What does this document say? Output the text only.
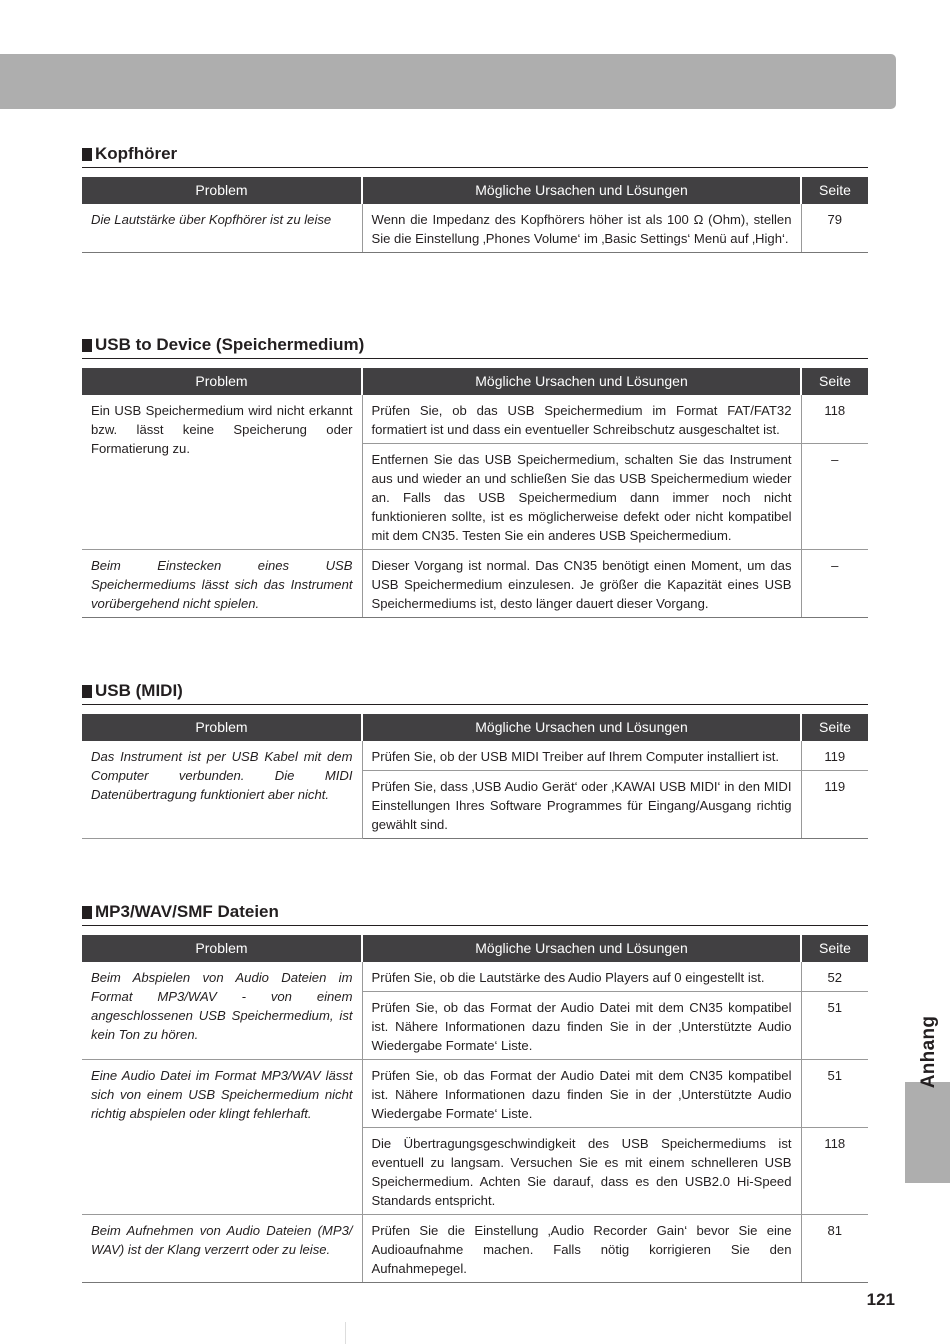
Anhang
Kopfhörer
Problem	Mögliche Ursachen und Lösungen	Seite
Die Lautstärke über Kopfhörer ist zu leise	Wenn die Impedanz des Kopfhörers höher ist als 100 Ω (Ohm), stellen Sie die Einstellung ‚Phones Volume‘ im ‚Basic Settings‘ Menü auf ‚High‘.	79
USB to Device (Speichermedium)
Problem	Mögliche Ursachen und Lösungen	Seite
Ein USB Speichermedium wird nicht erkannt bzw. lässt keine Speicherung oder Formatierung zu.	Prüfen Sie, ob das USB Speichermedium im Format FAT/FAT32 formatiert ist und dass ein eventueller Schreibschutz ausgeschaltet ist.	118
	Entfernen Sie das USB Speichermedium, schalten Sie das Instrument aus und wieder an und schließen Sie das USB Speichermedium wieder an. Falls das USB Speichermedium dann immer noch nicht funktionieren sollte, ist es möglicherweise defekt oder nicht kompatibel mit dem CN35. Testen Sie ein anderes USB Speichermedium.	–
Beim Einstecken eines USB Speichermediums lässt sich das Instrument vorübergehend nicht spielen.	Dieser Vorgang ist normal. Das CN35 benötigt einen Moment, um das USB Speichermedium einzulesen. Je größer die Kapazität eines USB Speichermediums ist, desto länger dauert dieser Vorgang.	–
USB (MIDI)
Problem	Mögliche Ursachen und Lösungen	Seite
Das Instrument ist per USB Kabel mit dem Computer verbunden. Die MIDI Datenübertragung funktioniert aber nicht.	Prüfen Sie, ob der USB MIDI Treiber auf Ihrem Computer installiert ist.	119
	Prüfen Sie, dass ‚USB Audio Gerät‘ oder ‚KAWAI USB MIDI‘ in den MIDI Einstellungen Ihres Software Programmes für Eingang/Ausgang richtig gewählt sind.	119
MP3/WAV/SMF Dateien
Problem	Mögliche Ursachen und Lösungen	Seite
Beim Abspielen von Audio Dateien im Format MP3/WAV - von einem angeschlossenen USB Speichermedium, ist kein Ton zu hören.	Prüfen Sie, ob die Lautstärke des Audio Players auf 0 eingestellt ist.	52
	Prüfen Sie, ob das Format der Audio Datei mit dem CN35 kompatibel ist. Nähere Informationen dazu finden Sie in der ‚Unterstützte Audio Wiedergabe Formate‘ Liste.	51
Eine Audio Datei im Format MP3/WAV lässt sich von einem USB Speichermedium nicht richtig abspielen oder klingt fehlerhaft.	Prüfen Sie, ob das Format der Audio Datei mit dem CN35 kompatibel ist. Nähere Informationen dazu finden Sie in der ‚Unterstützte Audio Wiedergabe Formate‘ Liste.	51
	Die Übertragungsgeschwindigkeit des USB Speichermediums ist eventuell zu langsam. Versuchen Sie es mit einem schnelleren USB Speichermedium. Achten Sie darauf, dass es den USB2.0 Hi-Speed Standards entspricht.	118
Beim Aufnehmen von Audio Dateien (MP3/ WAV) ist der Klang verzerrt oder zu leise.	Prüfen Sie die Einstellung ‚Audio Recorder Gain‘ bevor Sie eine Audioaufnahme machen. Falls nötig korrigieren Sie den Aufnahmepegel.	81
121
